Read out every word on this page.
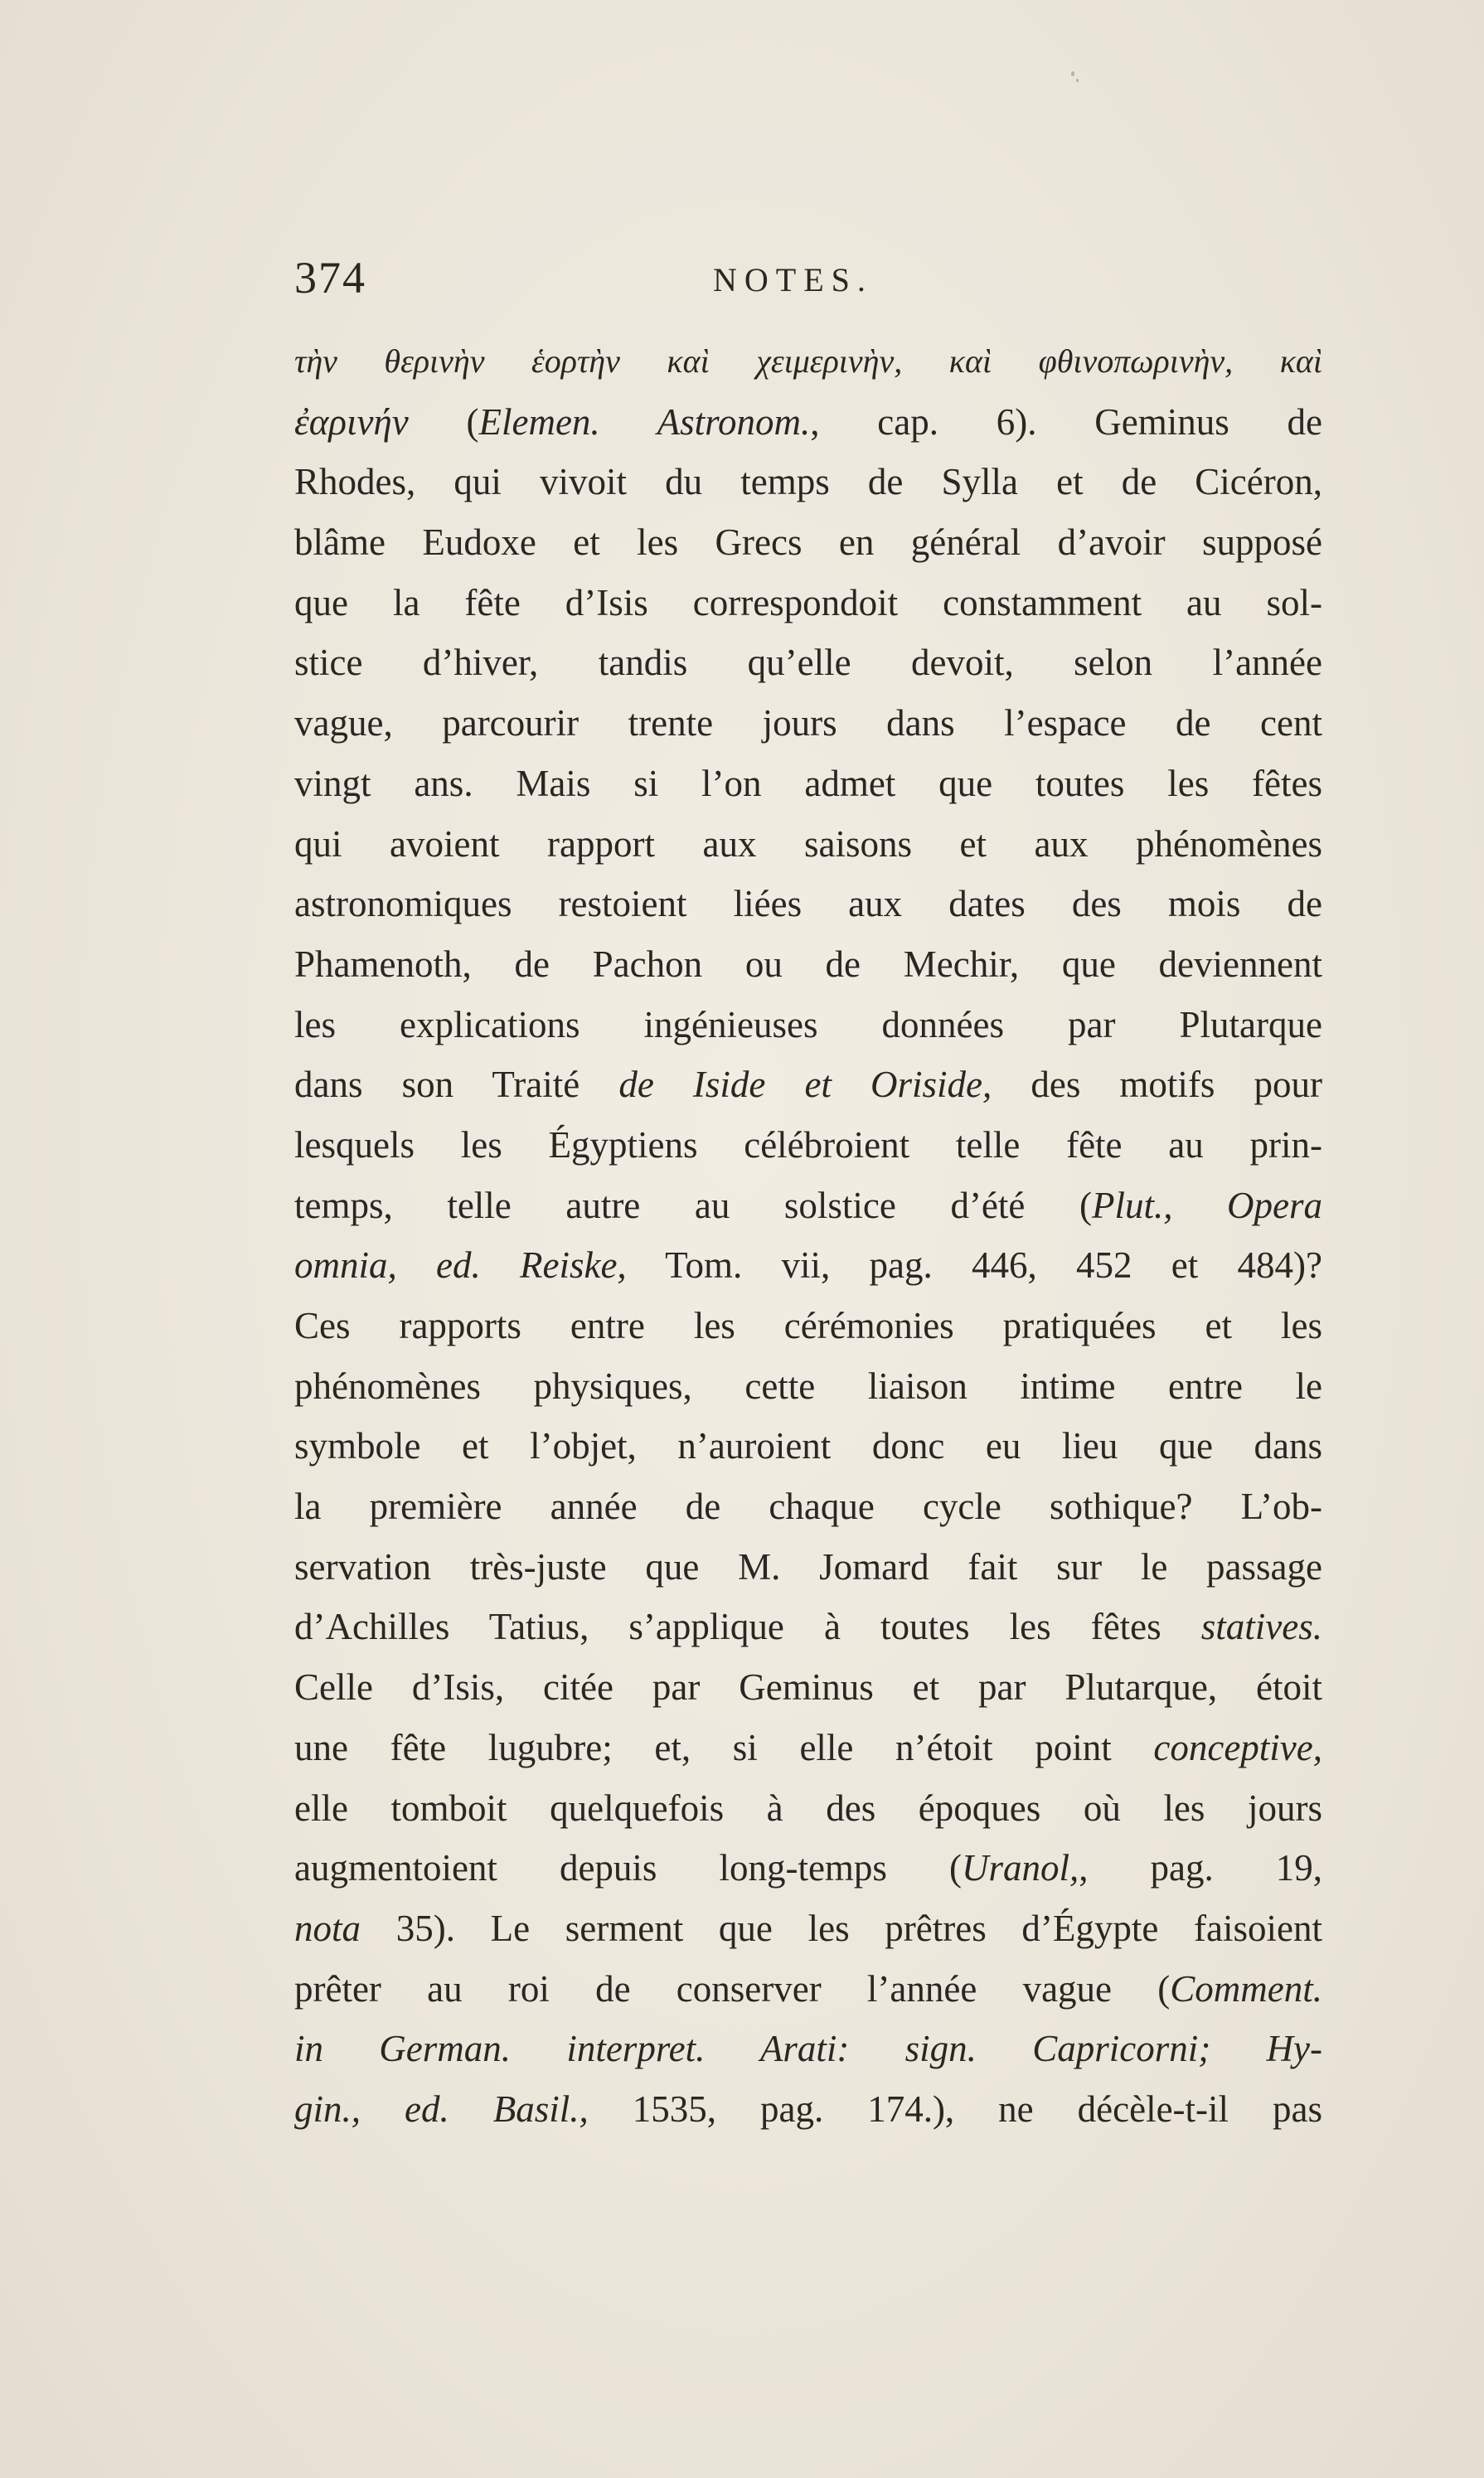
374	NOTES.
τὴν θερινὴν ἑορτὴν καὶ χειμερινὴν, καὶ φθινοπωρινὴν, καὶ
ἐαρινήν (Elemen. Astronom., cap. 6). Geminus de
Rhodes, qui vivoit du temps de Sylla et de Cicéron,
blâme Eudoxe et les Grecs en général d’avoir supposé
que la fête d’Isis correspondoit constamment au sol-
stice d’hiver, tandis qu’elle devoit, selon l’année
vague, parcourir trente jours dans l’espace de cent
vingt ans. Mais si l’on admet que toutes les fêtes
qui avoient rapport aux saisons et aux phénomènes
astronomiques restoient liées aux dates des mois de
Phamenoth, de Pachon ou de Mechir, que deviennent
les explications ingénieuses données par Plutarque
dans son Traité de Iside et Oriside, des motifs pour
lesquels les Égyptiens célébroient telle fête au prin-
temps, telle autre au solstice d’été (Plut., Opera
omnia, ed. Reiske, Tom. vii, pag. 446, 452 et 484)?
Ces rapports entre les cérémonies pratiquées et les
phénomènes physiques, cette liaison intime entre le
symbole et l’objet, n’auroient donc eu lieu que dans
la première année de chaque cycle sothique? L’ob-
servation très-juste que M. Jomard fait sur le passage
d’Achilles Tatius, s’applique à toutes les fêtes statives.
Celle d’Isis, citée par Geminus et par Plutarque, étoit
une fête lugubre; et, si elle n’étoit point conceptive,
elle tomboit quelquefois à des époques où les jours
augmentoient depuis long-temps (Uranol,, pag. 19,
nota 35). Le serment que les prêtres d’Égypte faisoient
prêter au roi de conserver l’année vague (Comment.
in German. interpret. Arati: sign. Capricorni; Hy-
gin., ed. Basil., 1535, pag. 174.), ne décèle-t-il pas
